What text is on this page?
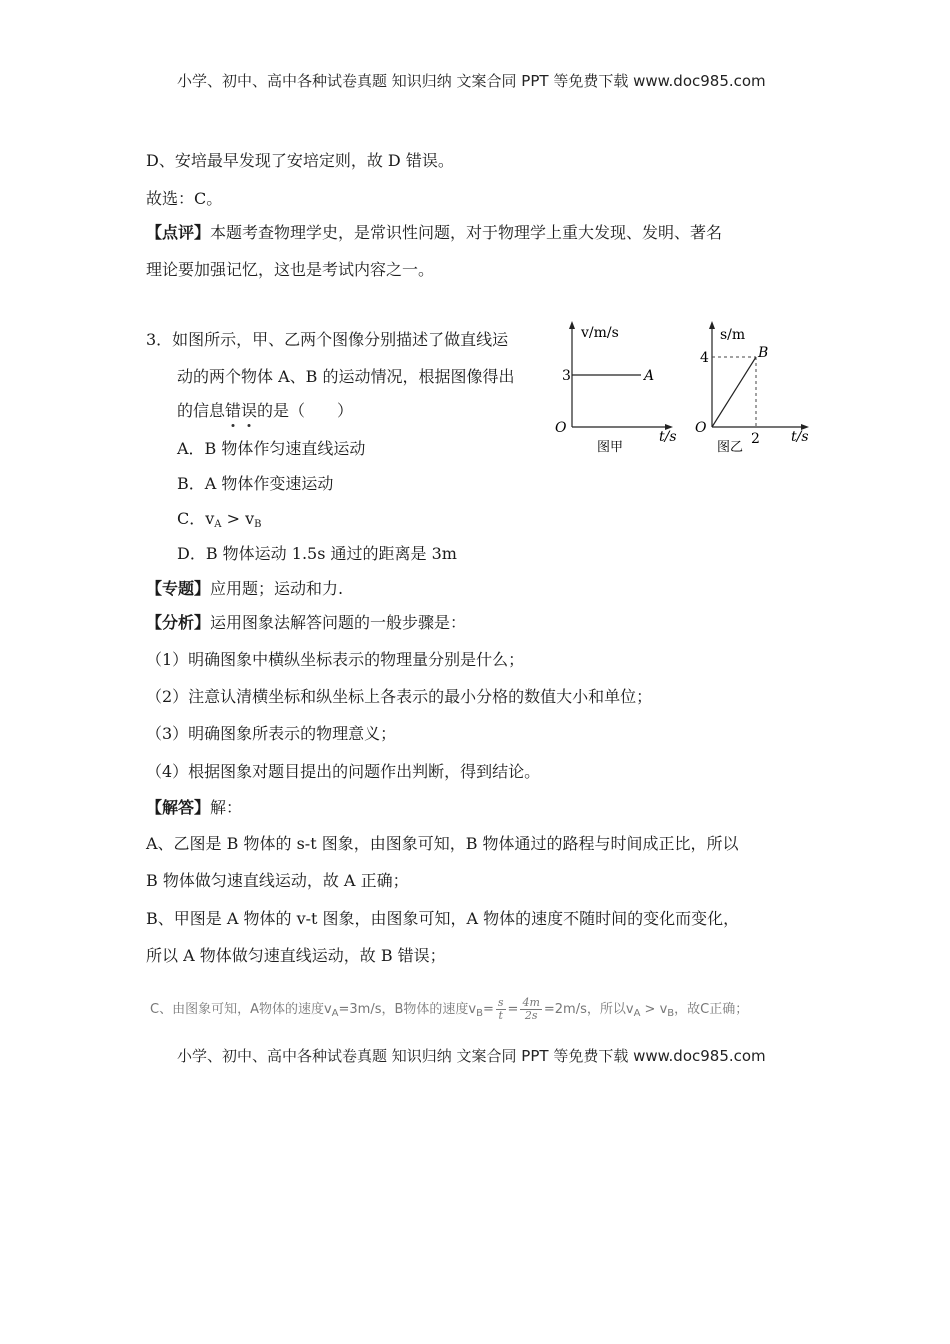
小学、初中、高中各种试卷真题 知识归纳 文案合同 PPT 等免费下载 www.doc985.com
D、安培最早发现了安培定则，故 D 错误。
故选：C。
【点评】本题考查物理学史，是常识性问题，对于物理学上重大发现、发明、著名
理论要加强记忆，这也是考试内容之一。
3．如图所示，甲、乙两个图像分别描述了做直线运
动的两个物体 A、B 的运动情况，根据图像得出
的信息错
误
的是（　　）
A．B 物体作匀速直线运动
B．A 物体作变速运动
C．$v_A > v_B$
D．B 物体运动 1.5s 通过的距离是 3m
v/m/s
O
3	A
t/s
图甲
s/m
O
4	B
2 t/s
图乙
【专题】应用题；运动和力.
【分析】运用图象法解答问题的一般步骤是：
（1）明确图象中横纵坐标表示的物理量分别是什么；
（2）注意认清横坐标和纵坐标上各表示的最小分格的数值大小和单位；
（3）明确图象所表示的物理意义；
（4）根据图象对题目提出的问题作出判断，得到结论。
【解答】解：
A、乙图是 B 物体的 s-t 图象，由图象可知，B 物体通过的路程与时间成正比，所以
B 物体做匀速直线运动，故 A 正确；
B、甲图是 A 物体的 v-t 图象，由图象可知，A 物体的速度不随时间的变化而变化，
所以 A 物体做匀速直线运动，故 B 错误；
C、由图象可知，A物体的速度$v_A=3m/s$，B物体的速度$v_B= \frac{s}{t} = \frac{4m}{2s} =2m/s$，所以$v_A > v_B$，故C正确；
小学、初中、高中各种试卷真题 知识归纳 文案合同 PPT 等免费下载 www.doc985.com
